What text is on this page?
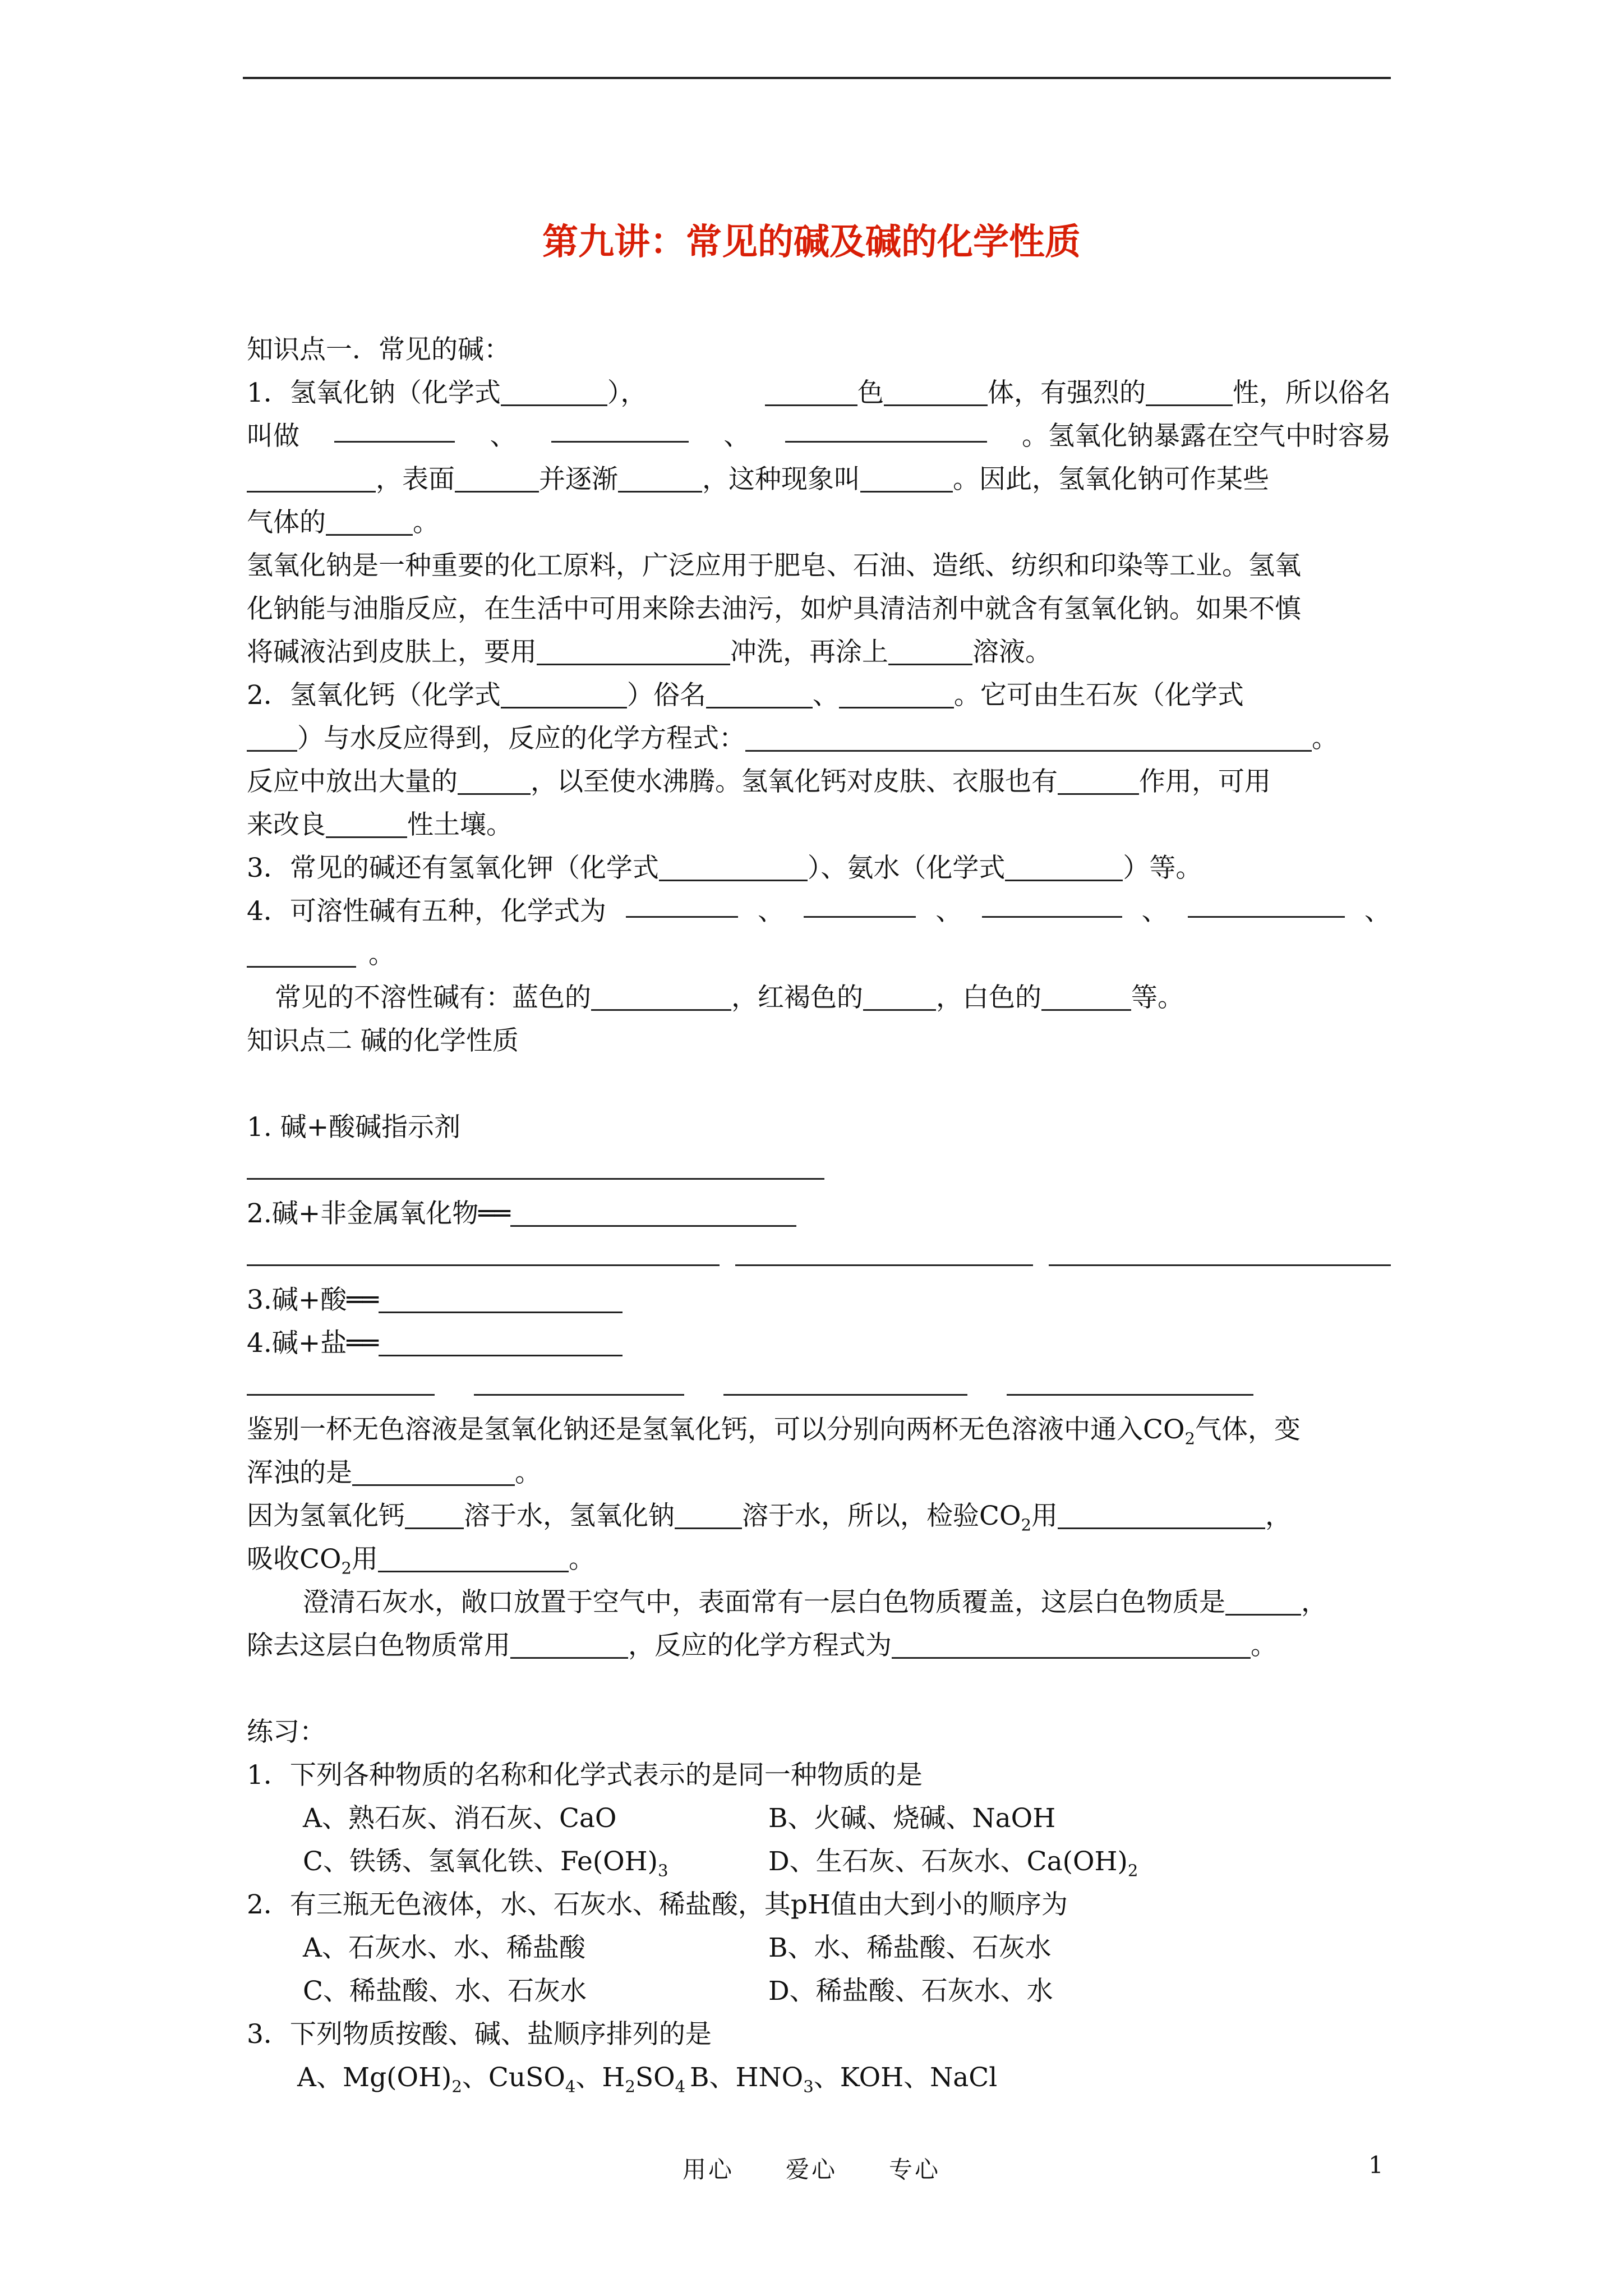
第九讲：常见的碱及碱的化学性质
知识点一．常见的碱：
1．氢氧化钠（化学式	），	色	体，有强烈的	性，所以俗名
叫做	、	、	。氢氧化钠暴露在空气中时容易
，表面	并逐渐	，这种现象叫	。因此，氢氧化钠可作某些
气体的	。
氢氧化钠是一种重要的化工原料，广泛应用于肥皂、石油、造纸、纺织和印染等工业。氢氧
化钠能与油脂反应，在生活中可用来除去油污，如炉具清洁剂中就含有氢氧化钠。如果不慎
将碱液沾到皮肤上，要用	冲洗，再涂上	溶液。
2．氢氧化钙（化学式	）俗名	、	。它可由生石灰（化学式
）与水反应得到，反应的化学方程式：	。
反应中放出大量的	，以至使水沸腾。氢氧化钙对皮肤、衣服也有	作用，可用
来改良	性土壤。
3．常见的碱还有氢氧化钾（化学式	）、氨水（化学式	）等。
4．可溶性碱有五种，化学式为	、	、	、	、
。
常见的不溶性碱有：蓝色的	，红褐色的	，白色的	等。
知识点二 碱的化学性质
1. 碱+酸碱指示剂
2.碱+非金属氧化物══
3.碱+酸══
4.碱+盐══
鉴别一杯无色溶液是氢氧化钠还是氢氧化钙，可以分别向两杯无色溶液中通入$CO_2$气体，变
浑浊的是	。
因为氢氧化钙 溶于水，氢氧化钠	溶于水，所以，检验$CO_2$用	，
吸收$CO_2$用	。
澄清石灰水，敞口放置于空气中，表面常有一层白色物质覆盖，这层白色物质是	，
除去这层白色物质常用	，反应的化学方程式为	。
练习：
1．下列各种物质的名称和化学式表示的是同一种物质的是
A、熟石灰、消石灰、CaO	B、火碱、烧碱、NaOH
C、铁锈、氢氧化铁、$Fe(OH)_3$	D、生石灰、石灰水、$Ca(OH)_2$
2．有三瓶无色液体，水、石灰水、稀盐酸，其pH值由大到小的顺序为
A、石灰水、水、稀盐酸	B、水、稀盐酸、石灰水
C、稀盐酸、水、石灰水	D、稀盐酸、石灰水、水
3．下列物质按酸、碱、盐顺序排列的是
A、$Mg(OH)_2$、CuSO$_4$、$H_2SO_4$ B、$HNO_3$、KOH、NaCl
用心　　爱心　　专心	1
